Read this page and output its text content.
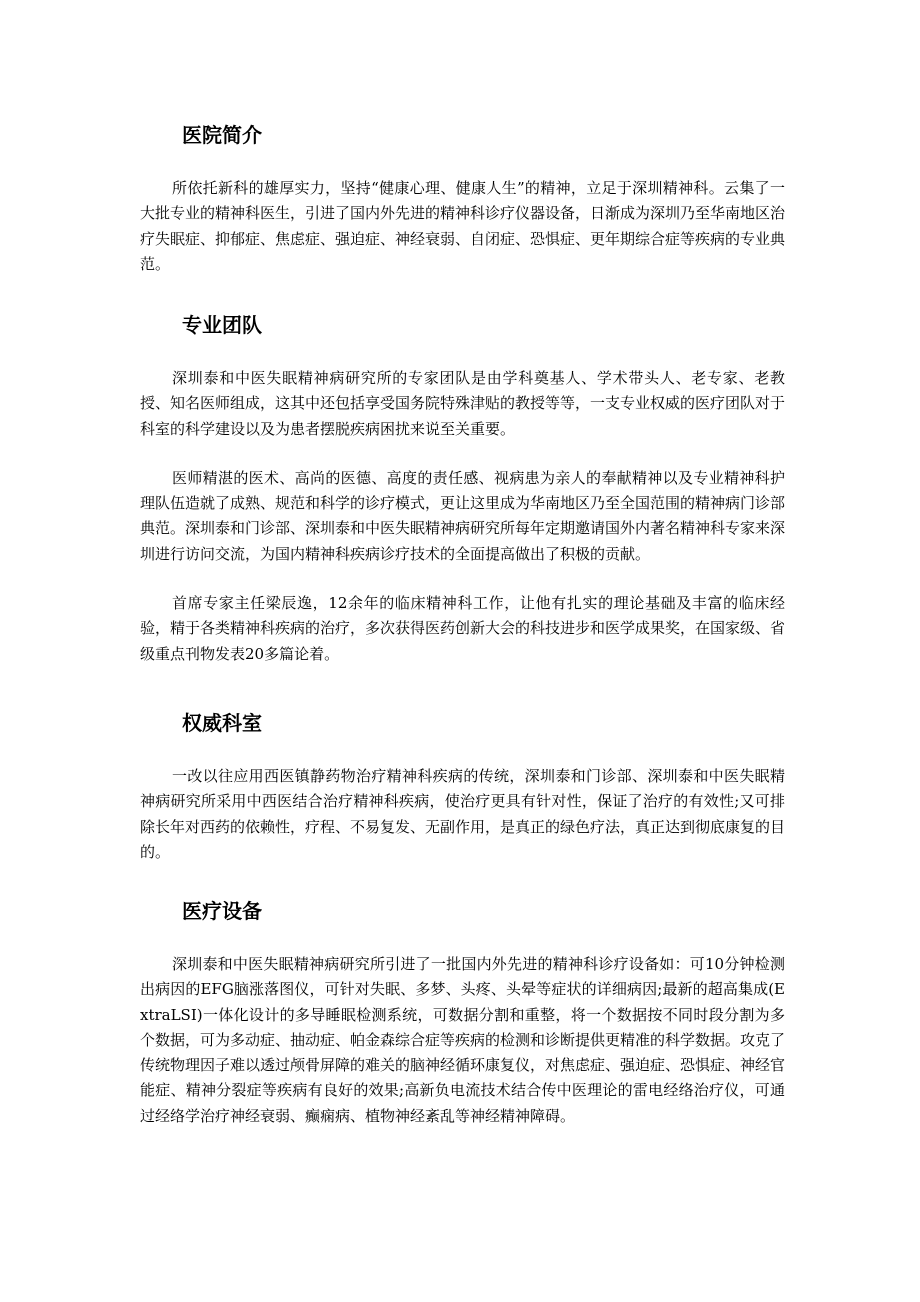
医院简介

所依托新科的雄厚实力，坚持“健康心理、健康人生”的精神，立足于深圳精神科。云集了一大批专业的精神科医生，引进了国内外先进的精神科诊疗仪器设备，日渐成为深圳乃至华南地区治疗失眠症、抑郁症、焦虑症、强迫症、神经衰弱、自闭症、恐惧症、更年期综合症等疾病的专业典范。

专业团队

深圳泰和中医失眠精神病研究所的专家团队是由学科奠基人、学术带头人、老专家、老教授、知名医师组成，这其中还包括享受国务院特殊津贴的教授等等，一支专业权威的医疗团队对于科室的科学建设以及为患者摆脱疾病困扰来说至关重要。

医师精湛的医术、高尚的医德、高度的责任感、视病患为亲人的奉献精神以及专业精神科护理队伍造就了成熟、规范和科学的诊疗模式，更让这里成为华南地区乃至全国范围的精神病门诊部典范。深圳泰和门诊部、深圳泰和中医失眠精神病研究所每年定期邀请国外内著名精神科专家来深圳进行访问交流，为国内精神科疾病诊疗技术的全面提高做出了积极的贡献。

首席专家主任梁辰逸，12余年的临床精神科工作，让他有扎实的理论基础及丰富的临床经验，精于各类精神科疾病的治疗，多次获得医药创新大会的科技进步和医学成果奖，在国家级、省级重点刊物发表20多篇论着。

权威科室

一改以往应用西医镇静药物治疗精神科疾病的传统，深圳泰和门诊部、深圳泰和中医失眠精神病研究所采用中西医结合治疗精神科疾病，使治疗更具有针对性，保证了治疗的有效性;又可排除长年对西药的依赖性，疗程、不易复发、无副作用，是真正的绿色疗法，真正达到彻底康复的目的。

医疗设备

深圳泰和中医失眠精神病研究所引进了一批国内外先进的精神科诊疗设备如：可10分钟检测出病因的EFG脑涨落图仪，可针对失眠、多梦、头疼、头晕等症状的详细病因;最新的超高集成(ExtraLSI)一体化设计的多导睡眠检测系统，可数据分割和重整，将一个数据按不同时段分割为多个数据，可为多动症、抽动症、帕金森综合症等疾病的检测和诊断提供更精准的科学数据。攻克了传统物理因子难以透过颅骨屏障的难关的脑神经循环康复仪，对焦虑症、强迫症、恐惧症、神经官能症、精神分裂症等疾病有良好的效果;高新负电流技术结合传中医理论的雷电经络治疗仪，可通过经络学治疗神经衰弱、癫痫病、植物神经紊乱等神经精神障碍。
